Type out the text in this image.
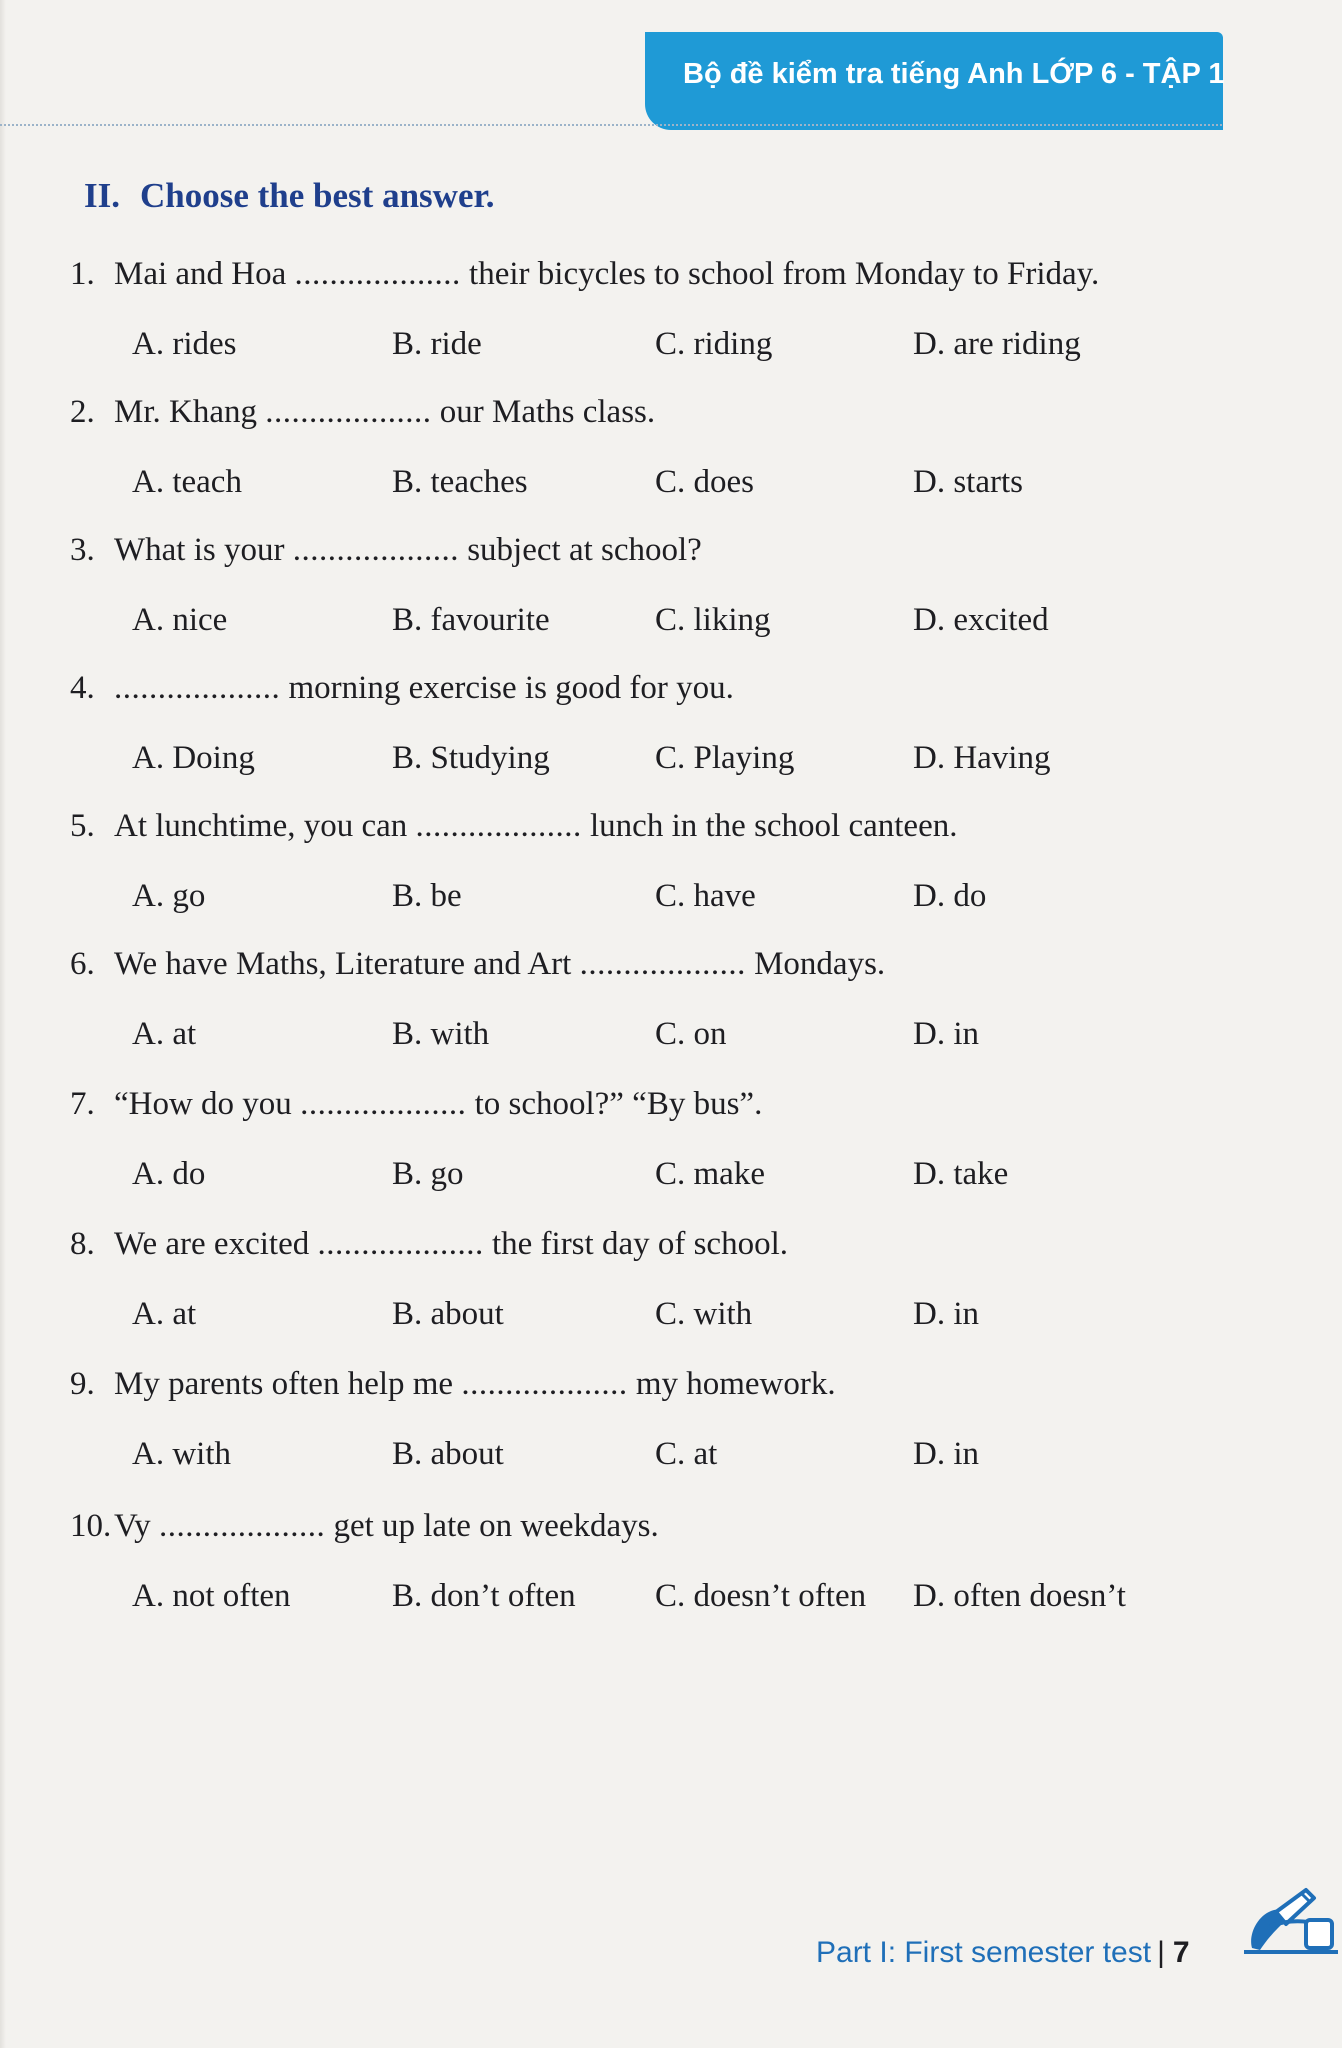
Bộ đề kiểm tra tiếng Anh LỚP 6 - TẬP 1
II. Choose the best answer.
1. Mai and Hoa ................... their bicycles to school from Monday to Friday.
A. rides	B. ride	C. riding	D. are riding
2. Mr. Khang ................... our Maths class.
A. teach	B. teaches	C. does	D. starts
3. What is your ................... subject at school?
A. nice	B. favourite	C. liking	D. excited
4. ................... morning exercise is good for you.
A. Doing	B. Studying	C. Playing	D. Having
5. At lunchtime, you can ................... lunch in the school canteen.
A. go	B. be	C. have	D. do
6. We have Maths, Literature and Art ................... Mondays.
A. at	B. with	C. on	D. in
7. “How do you ................... to school?” “By bus”.
A. do	B. go	C. make	D. take
8. We are excited ................... the first day of school.
A. at	B. about	C. with	D. in
9. My parents often help me ................... my homework.
A. with	B. about	C. at	D. in
10.Vy ................... get up late on weekdays.
A. not often	B. don’t often C. doesn’t often D. often doesn’t
Part I: First semester test | 7
